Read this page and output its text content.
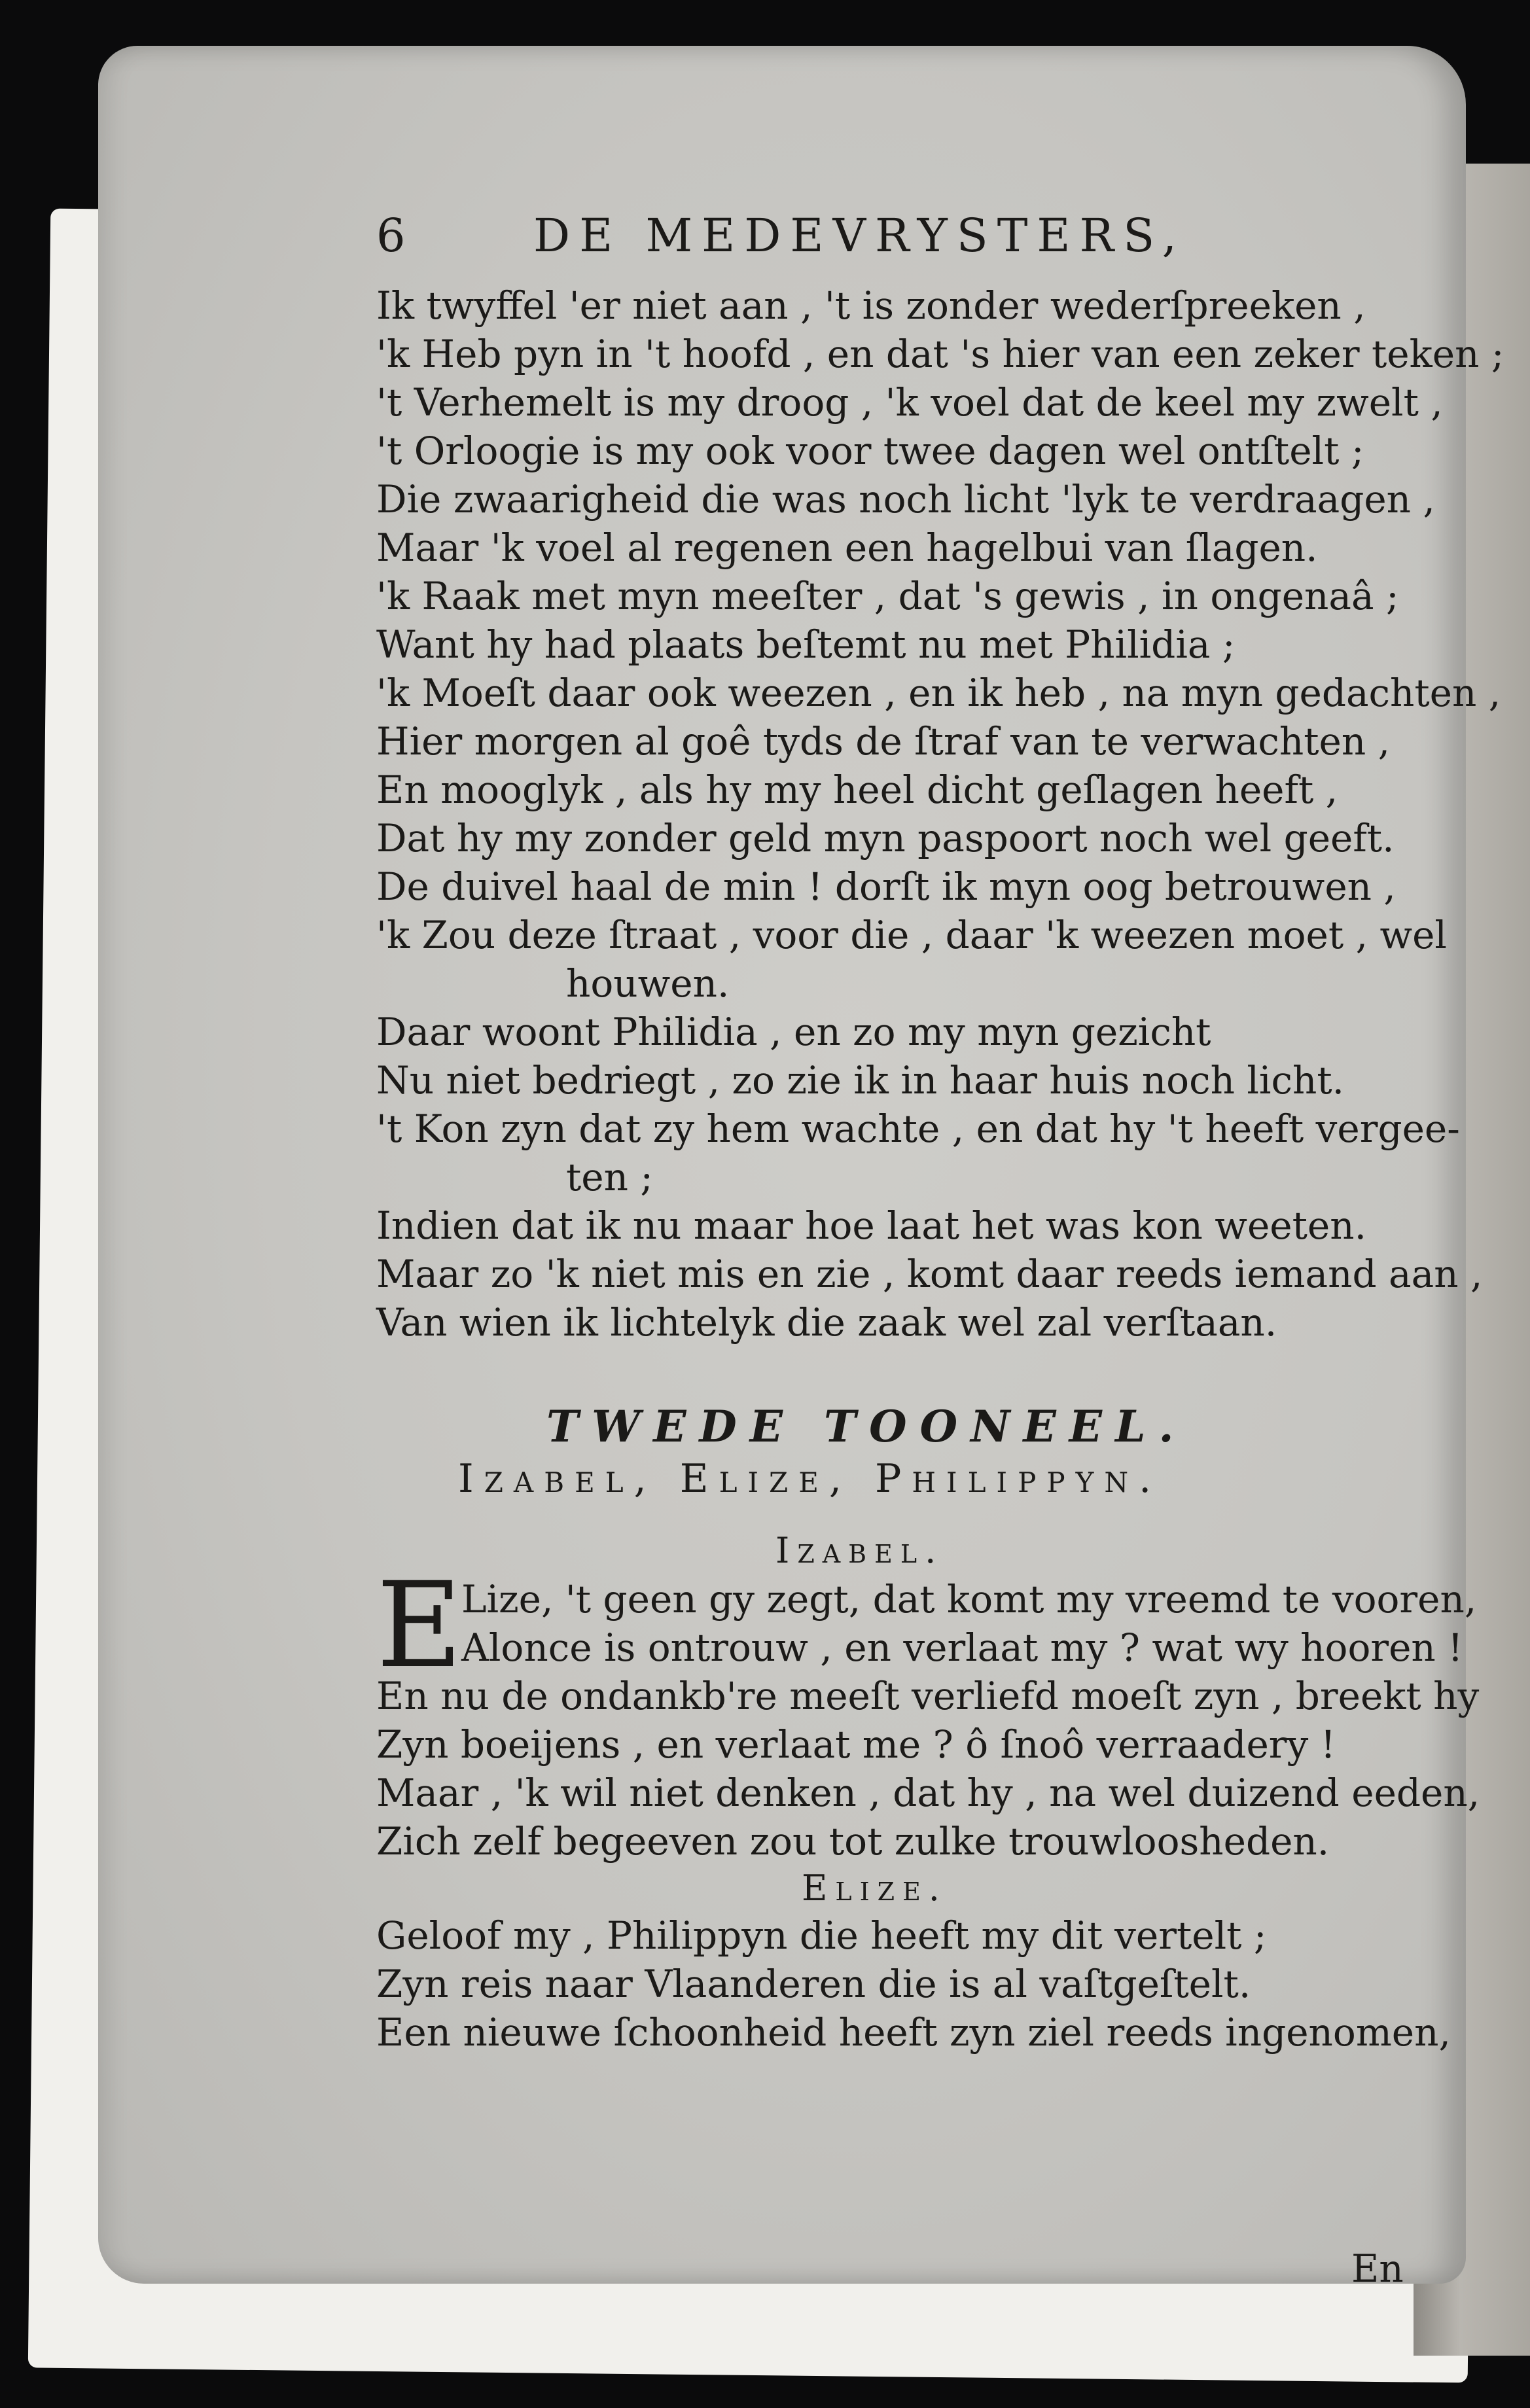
6	DE MEDEVRYSTERS,
Ik twyffel 'er niet aan , 't is zonder wederſpreeken ,
'k Heb pyn in 't hoofd , en dat 's hier van een zeker teken ;
't Verhemelt is my droog , 'k voel dat de keel my zwelt ,
't Orloogie is my ook voor twee dagen wel ontſtelt ;
Die zwaarigheid die was noch licht 'lyk te verdraagen ,
Maar 'k voel al regenen een hagelbui van ſlagen.
'k Raak met myn meeſter , dat 's gewis , in ongenaâ ;
Want hy had plaats beſtemt nu met Philidia ;
'k Moeſt daar ook weezen , en ik heb , na myn gedachten ,
Hier morgen al goê tyds de ſtraf van te verwachten ,
En mooglyk , als hy my heel dicht geſlagen heeft ,
Dat hy my zonder geld myn paspoort noch wel geeft.
De duivel haal de min ! dorſt ik myn oog betrouwen ,
'k Zou deze ſtraat , voor die , daar 'k weezen moet , wel
houwen.
Daar woont Philidia , en zo my myn gezicht
Nu niet bedriegt , zo zie ik in haar huis noch licht.
't Kon zyn dat zy hem wachte , en dat hy 't heeft vergee-
ten ;
Indien dat ik nu maar hoe laat het was kon weeten.
Maar zo 'k niet mis en zie , komt daar reeds iemand aan ,
Van wien ik lichtelyk die zaak wel zal verſtaan.
TWEDE TOONEEL.
Izabel, Elize, Philippyn.
Izabel.
E
Lize, 't geen gy zegt, dat komt my vreemd te vooren,
Alonce is ontrouw , en verlaat my ? wat wy hooren !
En nu de ondankb're meeſt verliefd moeſt zyn , breekt hy
Zyn boeijens , en verlaat me ? ô ſnoô verraadery !
Maar , 'k wil niet denken , dat hy , na wel duizend eeden,
Zich zelf begeeven zou tot zulke trouwloosheden.
Elize.
Geloof my , Philippyn die heeft my dit vertelt ;
Zyn reis naar Vlaanderen die is al vaſtgeſtelt.
Een nieuwe ſchoonheid heeft zyn ziel reeds ingenomen,
En
